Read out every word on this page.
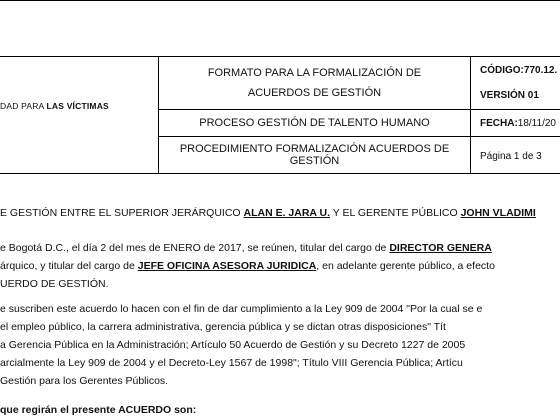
DAD PARA LAS VÍCTIMAS
FORMATO PARA LA FORMALIZACIÓN DE
ACUERDOS DE GESTIÓN
PROCESO GESTIÓN DE TALENTO HUMANO
PROCEDIMIENTO FORMALIZACIÓN ACUERDOS DE GESTIÓN
CÓDIGO:770.12.
VERSIÓN 01
FECHA:18/11/20
Página 1 de 3
E GESTIÓN ENTRE EL SUPERIOR JERÁRQUICO ALAN E. JARA U. Y EL GERENTE PÚBLICO JOHN VLADIMI
e Bogotá D.C., el día 2 del mes de ENERO de 2017, se reúnen, titular del cargo de DIRECTOR GENERA
árquico, y titular del cargo de JEFE OFICINA ASESORA JURIDICA, en adelante gerente público, a efecto
UERDO DE GESTIÓN.
e suscriben este acuerdo lo hacen con el fin de dar cumplimiento a la Ley 909 de 2004 "Por la cual se e
el empleo público, la carrera administrativa, gerencia pública y se dictan otras disposiciones" Tít
a Gerencia Pública en la Administración; Artículo 50 Acuerdo de Gestión y su Decreto 1227 de 2005
arcialmente la Ley 909 de 2004 y el Decreto-Ley 1567 de 1998"; Título VIII Gerencia Pública; Artícu
Gestión para los Gerentes Públicos.
que regirán el presente ACUERDO son:
